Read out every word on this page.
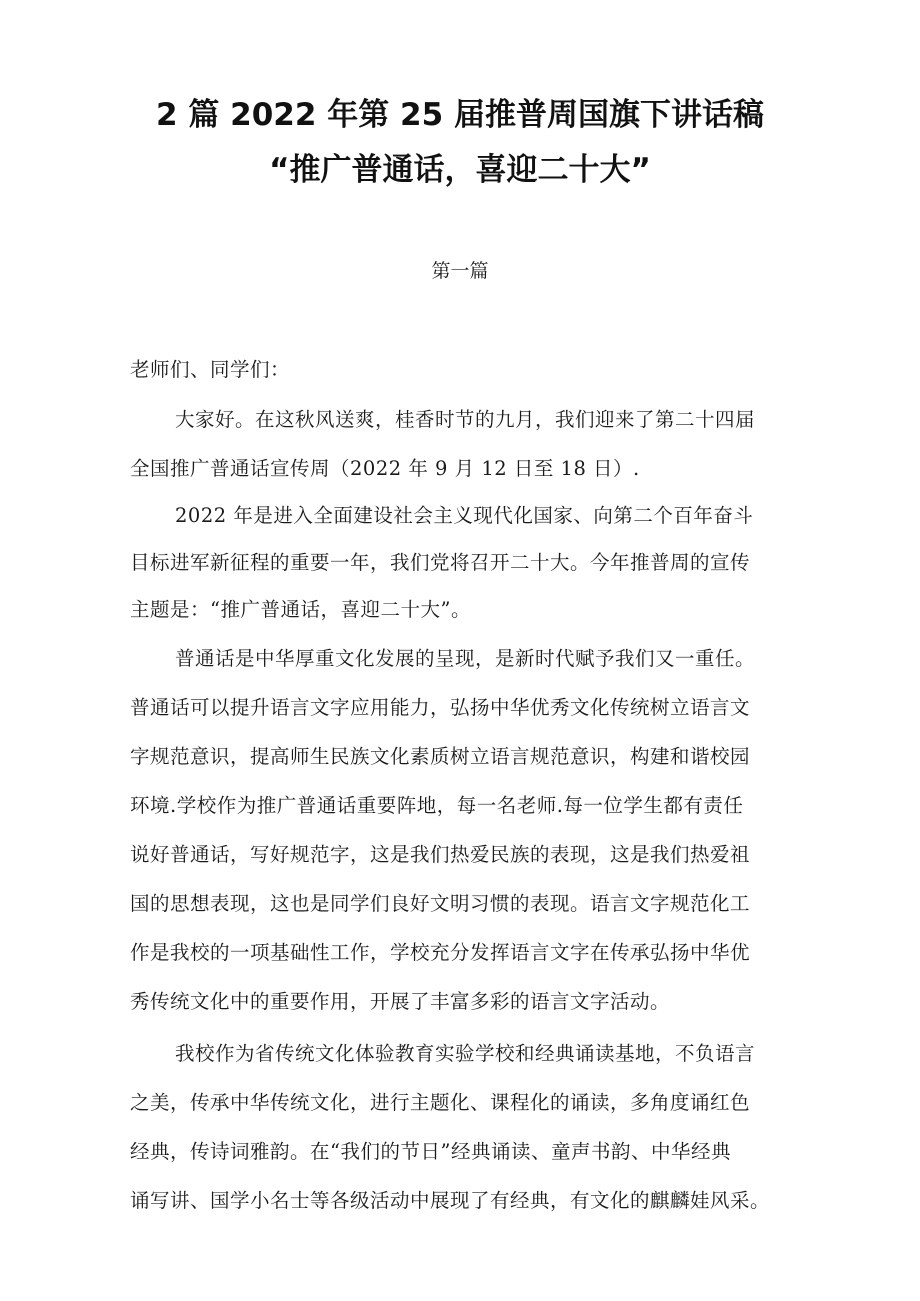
2 篇 2022 年第 25 届推普周国旗下讲话稿
“推广普通话，喜迎二十大”
第一篇
老师们、同学们：
大家好。在这秋风送爽，桂香时节的九月，我们迎来了第二十四届
全国推广普通话宣传周（2022 年 9 月 12 日至 18 日）.
2022 年是进入全面建设社会主义现代化国家、向第二个百年奋斗
目标进军新征程的重要一年，我们党将召开二十大。今年推普周的宣传
主题是：“推广普通话，喜迎二十大”。
普通话是中华厚重文化发展的呈现，是新时代赋予我们又一重任。
普通话可以提升语言文字应用能力，弘扬中华优秀文化传统树立语言文
字规范意识，提高师生民族文化素质树立语言规范意识，构建和谐校园
环境.学校作为推广普通话重要阵地，每一名老师.每一位学生都有责任
说好普通话，写好规范字，这是我们热爱民族的表现，这是我们热爱祖
国的思想表现，这也是同学们良好文明习惯的表现。语言文字规范化工
作是我校的一项基础性工作，学校充分发挥语言文字在传承弘扬中华优
秀传统文化中的重要作用，开展了丰富多彩的语言文字活动。
我校作为省传统文化体验教育实验学校和经典诵读基地，不负语言
之美，传承中华传统文化，进行主题化、课程化的诵读，多角度诵红色
经典，传诗词雅韵。在“我们的节日”经典诵读、童声书韵、中华经典
诵写讲、国学小名士等各级活动中展现了有经典，有文化的麒麟娃风采。
